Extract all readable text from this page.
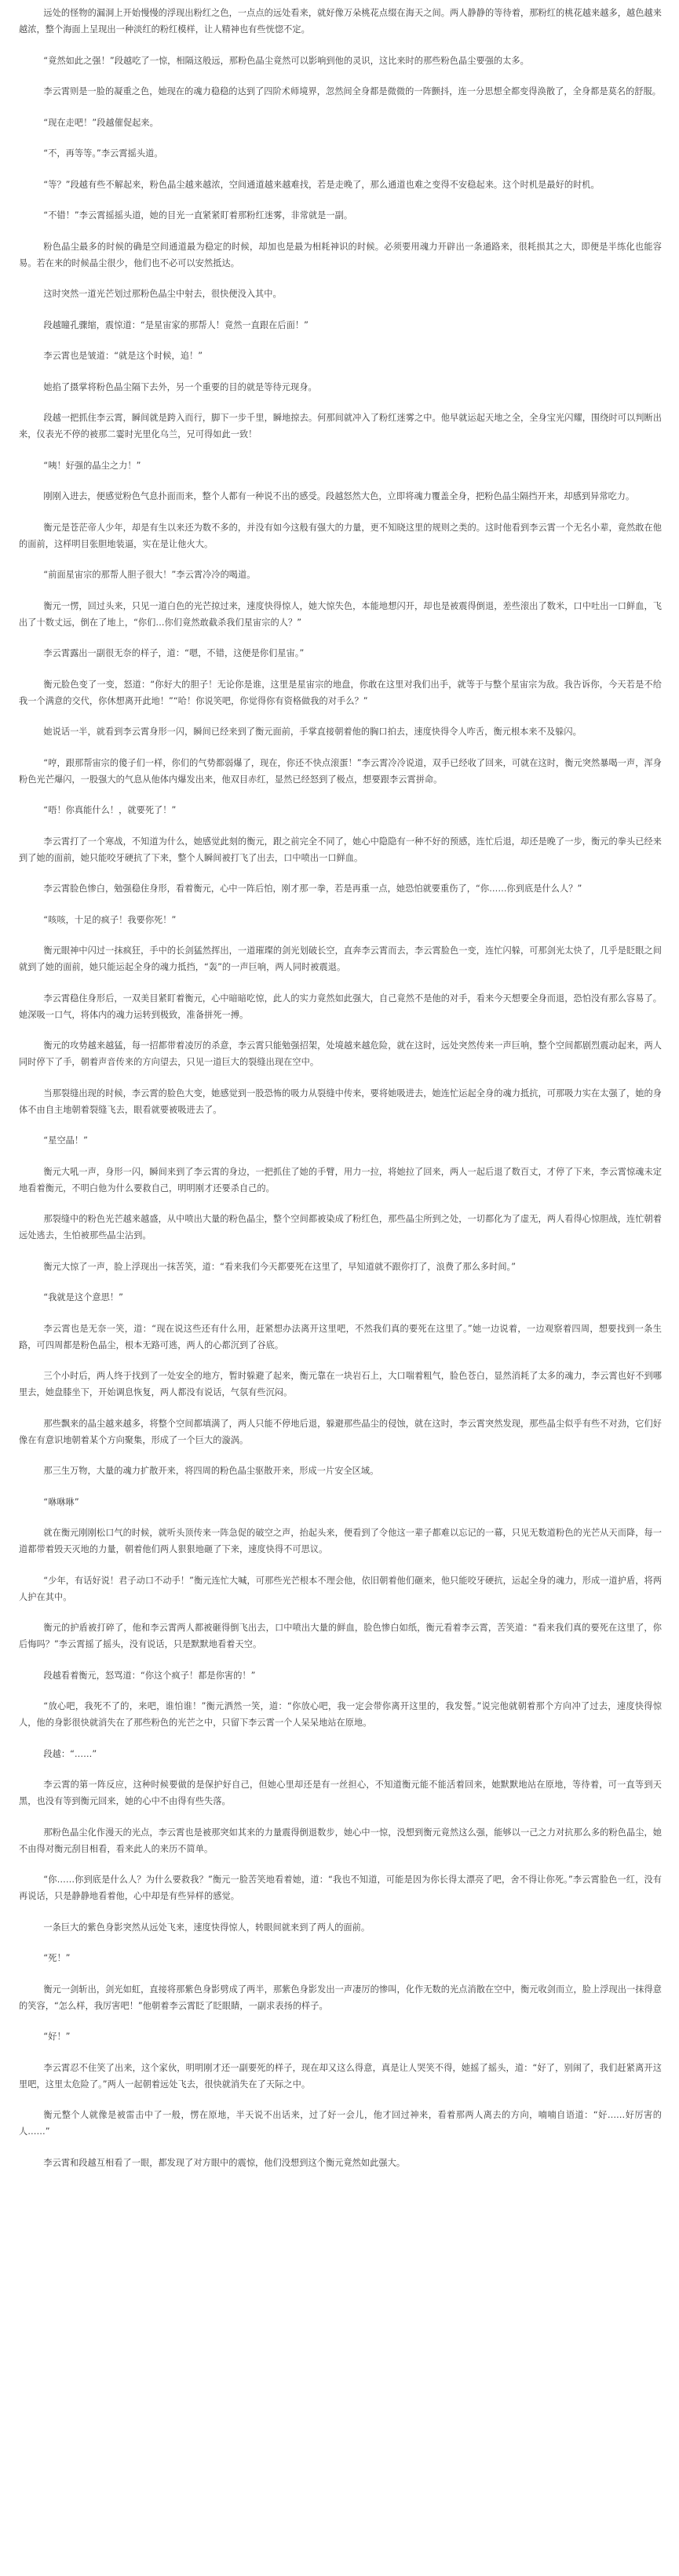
远处的怪物的漏洞上开始慢慢的浮现出粉红之色，一点点的远处看来，就好像万朵桃花点缀在海天之间。两人静静的等待着，那粉红的桃花越来越多，越色越来越浓，整个海面上呈现出一种淡红的粉红模样，让人精神也有些恍惚不定。

“竟然如此之强！”段越吃了一惊，相隔这般远，那粉色晶尘竟然可以影响到他的灵识，这比来时的那些粉色晶尘要强的太多。

李云霄则是一脸的凝重之色，她现在的魂力稳稳的达到了四阶术师境界，忽然间全身都是微微的一阵颤抖，连一分思想全都变得涣散了，全身都是莫名的舒服。

“现在走吧！”段越催促起来。

“不，再等等。”李云霄摇头道。

“等？”段越有些不解起来，粉色晶尘越来越浓，空间通道越来越难找，若是走晚了，那么通道也难之变得不安稳起来。这个时机是最好的时机。

“不错！”李云霄摇摇头道，她的目光一直紧紧盯着那粉红迷雾，非常就是一副。

粉色晶尘最多的时候的确是空间通道最为稳定的时候，却加也是最为相耗神识的时候。必须要用魂力开辟出一条通路来，很耗损其之大，即便是半练化也能容易。若在来的时候晶尘很少，他们也不必可以安然抵达。

这时突然一道光芒划过那粉色晶尘中射去，很快便没入其中。

段越瞳孔骤缩，震惊道：“是星宙家的那帮人！竟然一直跟在后面！”

李云霄也是皱道：“就是这个时候，追！”

她掐了摄掌将粉色晶尘隔下去外，另一个重要的目的就是等待元现身。

段越一把抓住李云霄，瞬间就是跨入而行，脚下一步千里，瞬地掠去。何那间就冲入了粉红迷雾之中。他早就运起天地之全，全身宝光闪耀，围绕时可以判断出来，仪表光不停的被那二霎时光里化乌兰，兄可得如此一致！

“咦！好强的晶尘之力！”

刚刚入进去，便感觉粉色气息扑面而来，整个人都有一种说不出的感受。段越怒然大色，立即将魂力覆盖全身，把粉色晶尘隔挡开来，却感到异常吃力。

衡元是苍茫帝人少年，却是有生以来还为数不多的，并没有如今这般有强大的力量，更不知晓这里的规则之类的。这时他看到李云霄一个无名小辈，竟然敢在他的面前，这样明目张胆地装逼，实在是让他火大。

“前面星宙宗的那帮人胆子很大！”李云霄冷冷的喝道。

衡元一愣，回过头来，只见一道白色的光芒掠过来，速度快得惊人，她大惊失色，本能地想闪开，却也是被震得倒退，差些滚出了数米，口中吐出一口鲜血，飞出了十数丈远，倒在了地上，“你们…你们竟然敢截杀我们星宙宗的人？”

李云霄露出一副很无奈的样子，道：“嗯，不错，这便是你们星宙。”

衡元脸色变了一变，怒道：“你好大的胆子！无论你是谁，这里是星宙宗的地盘，你敢在这里对我们出手，就等于与整个星宙宗为敌。我告诉你，今天若是不给我一个满意的交代，你休想离开此地！”“哈！你说笑吧，你觉得你有资格做我的对手么？”

她说话一半，就看到李云霄身形一闪，瞬间已经来到了衡元面前，手掌直接朝着他的胸口拍去，速度快得令人咋舌，衡元根本来不及躲闪。

“哼，跟那帮宙宗的傻子们一样，你们的气势都弱爆了，现在，你还不快点滚蛋！”李云霄冷冷说道，双手已经收了回来，可就在这时，衡元突然暴喝一声，浑身粉色光芒爆闪，一股强大的气息从他体内爆发出来，他双目赤红，显然已经怒到了极点，想要跟李云霄拼命。

“唔！你真能什么！，就要死了！”

李云霄打了一个寒战，不知道为什么，她感觉此刻的衡元，跟之前完全不同了，她心中隐隐有一种不好的预感，连忙后退，却还是晚了一步，衡元的拳头已经来到了她的面前，她只能咬牙硬抗了下来，整个人瞬间被打飞了出去，口中喷出一口鲜血。

李云霄脸色惨白，勉强稳住身形，看着衡元，心中一阵后怕，刚才那一拳，若是再重一点，她恐怕就要重伤了，“你……你到底是什么人？”

“咳咳，十足的疯子！我要你死！”

衡元眼神中闪过一抹疯狂，手中的长剑猛然挥出，一道璀璨的剑光划破长空，直奔李云霄而去，李云霄脸色一变，连忙闪躲，可那剑光太快了，几乎是眨眼之间就到了她的面前，她只能运起全身的魂力抵挡，“轰”的一声巨响，两人同时被震退。

李云霄稳住身形后，一双美目紧盯着衡元，心中暗暗吃惊，此人的实力竟然如此强大，自己竟然不是他的对手，看来今天想要全身而退，恐怕没有那么容易了。她深吸一口气，将体内的魂力运转到极致，准备拼死一搏。

衡元的攻势越来越猛，每一招都带着凌厉的杀意，李云霄只能勉强招架，处境越来越危险，就在这时，远处突然传来一声巨响，整个空间都剧烈震动起来，两人同时停下了手，朝着声音传来的方向望去，只见一道巨大的裂缝出现在空中。

当那裂缝出现的时候，李云霄的脸色大变，她感觉到一股恐怖的吸力从裂缝中传来，要将她吸进去，她连忙运起全身的魂力抵抗，可那吸力实在太强了，她的身体不由自主地朝着裂缝飞去，眼看就要被吸进去了。

“星空晶！”

衡元大吼一声，身形一闪，瞬间来到了李云霄的身边，一把抓住了她的手臂，用力一拉，将她拉了回来，两人一起后退了数百丈，才停了下来，李云霄惊魂未定地看着衡元，不明白他为什么要救自己，明明刚才还要杀自己的。

那裂缝中的粉色光芒越来越盛，从中喷出大量的粉色晶尘，整个空间都被染成了粉红色，那些晶尘所到之处，一切都化为了虚无，两人看得心惊胆战，连忙朝着远处逃去，生怕被那些晶尘沾到。

衡元大惊了一声，脸上浮现出一抹苦笑，道：“看来我们今天都要死在这里了，早知道就不跟你打了，浪费了那么多时间。”

“我就是这个意思！”

李云霄也是无奈一笑，道：“现在说这些还有什么用，赶紧想办法离开这里吧，不然我们真的要死在这里了。”她一边说着，一边观察着四周，想要找到一条生路，可四周都是粉色晶尘，根本无路可逃，两人的心都沉到了谷底。

三个小时后，两人终于找到了一处安全的地方，暂时躲避了起来，衡元靠在一块岩石上，大口喘着粗气，脸色苍白，显然消耗了太多的魂力，李云霄也好不到哪里去，她盘膝坐下，开始调息恢复，两人都没有说话，气氛有些沉闷。

那些飘来的晶尘越来越多，将整个空间都填满了，两人只能不停地后退，躲避那些晶尘的侵蚀，就在这时，李云霄突然发现，那些晶尘似乎有些不对劲，它们好像在有意识地朝着某个方向聚集，形成了一个巨大的漩涡。

那三生万物，大量的魂力扩散开来，将四周的粉色晶尘驱散开来，形成一片安全区域。

“咻咻咻”

就在衡元刚刚松口气的时候，就听头顶传来一阵急促的破空之声，抬起头来，便看到了令他这一辈子都难以忘记的一幕，只见无数道粉色的光芒从天而降，每一道都带着毁天灭地的力量，朝着他们两人狠狠地砸了下来，速度快得不可思议。

“少年，有话好说！君子动口不动手！”衡元连忙大喊，可那些光芒根本不理会他，依旧朝着他们砸来，他只能咬牙硬抗，运起全身的魂力，形成一道护盾，将两人护在其中。

衡元的护盾被打碎了，他和李云霄两人都被砸得倒飞出去，口中喷出大量的鲜血，脸色惨白如纸，衡元看着李云霄，苦笑道：“看来我们真的要死在这里了，你后悔吗？”李云霄摇了摇头，没有说话，只是默默地看着天空。

段越看着衡元，怒骂道：“你这个疯子！都是你害的！”

“放心吧，我死不了的，来吧，谁怕谁！”衡元洒然一笑，道：“你放心吧，我一定会带你离开这里的，我发誓。”说完他就朝着那个方向冲了过去，速度快得惊人，他的身影很快就消失在了那些粉色的光芒之中，只留下李云霄一个人呆呆地站在原地。

段越：“……”

李云霄的第一阵反应，这种时候要做的是保护好自己，但她心里却还是有一丝担心，不知道衡元能不能活着回来，她默默地站在原地，等待着，可一直等到天黑，也没有等到衡元回来，她的心中不由得有些失落。

那粉色晶尘化作漫天的光点，李云霄也是被那突如其来的力量震得倒退数步，她心中一惊，没想到衡元竟然这么强，能够以一己之力对抗那么多的粉色晶尘，她不由得对衡元刮目相看，看来此人的来历不简单。

“你……你到底是什么人？为什么要救我？”衡元一脸苦笑地看着她，道：“我也不知道，可能是因为你长得太漂亮了吧，舍不得让你死。”李云霄脸色一红，没有再说话，只是静静地看着他，心中却是有些异样的感觉。

一条巨大的紫色身影突然从远处飞来，速度快得惊人，转眼间就来到了两人的面前。

“死！”

衡元一剑斩出，剑光如虹，直接将那紫色身影劈成了两半，那紫色身影发出一声凄厉的惨叫，化作无数的光点消散在空中，衡元收剑而立，脸上浮现出一抹得意的笑容，“怎么样，我厉害吧！”他朝着李云霄眨了眨眼睛，一副求表扬的样子。

“好！”

李云霄忍不住笑了出来，这个家伙，明明刚才还一副要死的样子，现在却又这么得意，真是让人哭笑不得，她摇了摇头，道：“好了，别闹了，我们赶紧离开这里吧，这里太危险了。”两人一起朝着远处飞去，很快就消失在了天际之中。

衡元整个人就像是被雷击中了一般，愣在原地，半天说不出话来，过了好一会儿，他才回过神来，看着那两人离去的方向，喃喃自语道：“好……好厉害的人……”

李云霄和段越互相看了一眼，都发现了对方眼中的震惊，他们没想到这个衡元竟然如此强大。
